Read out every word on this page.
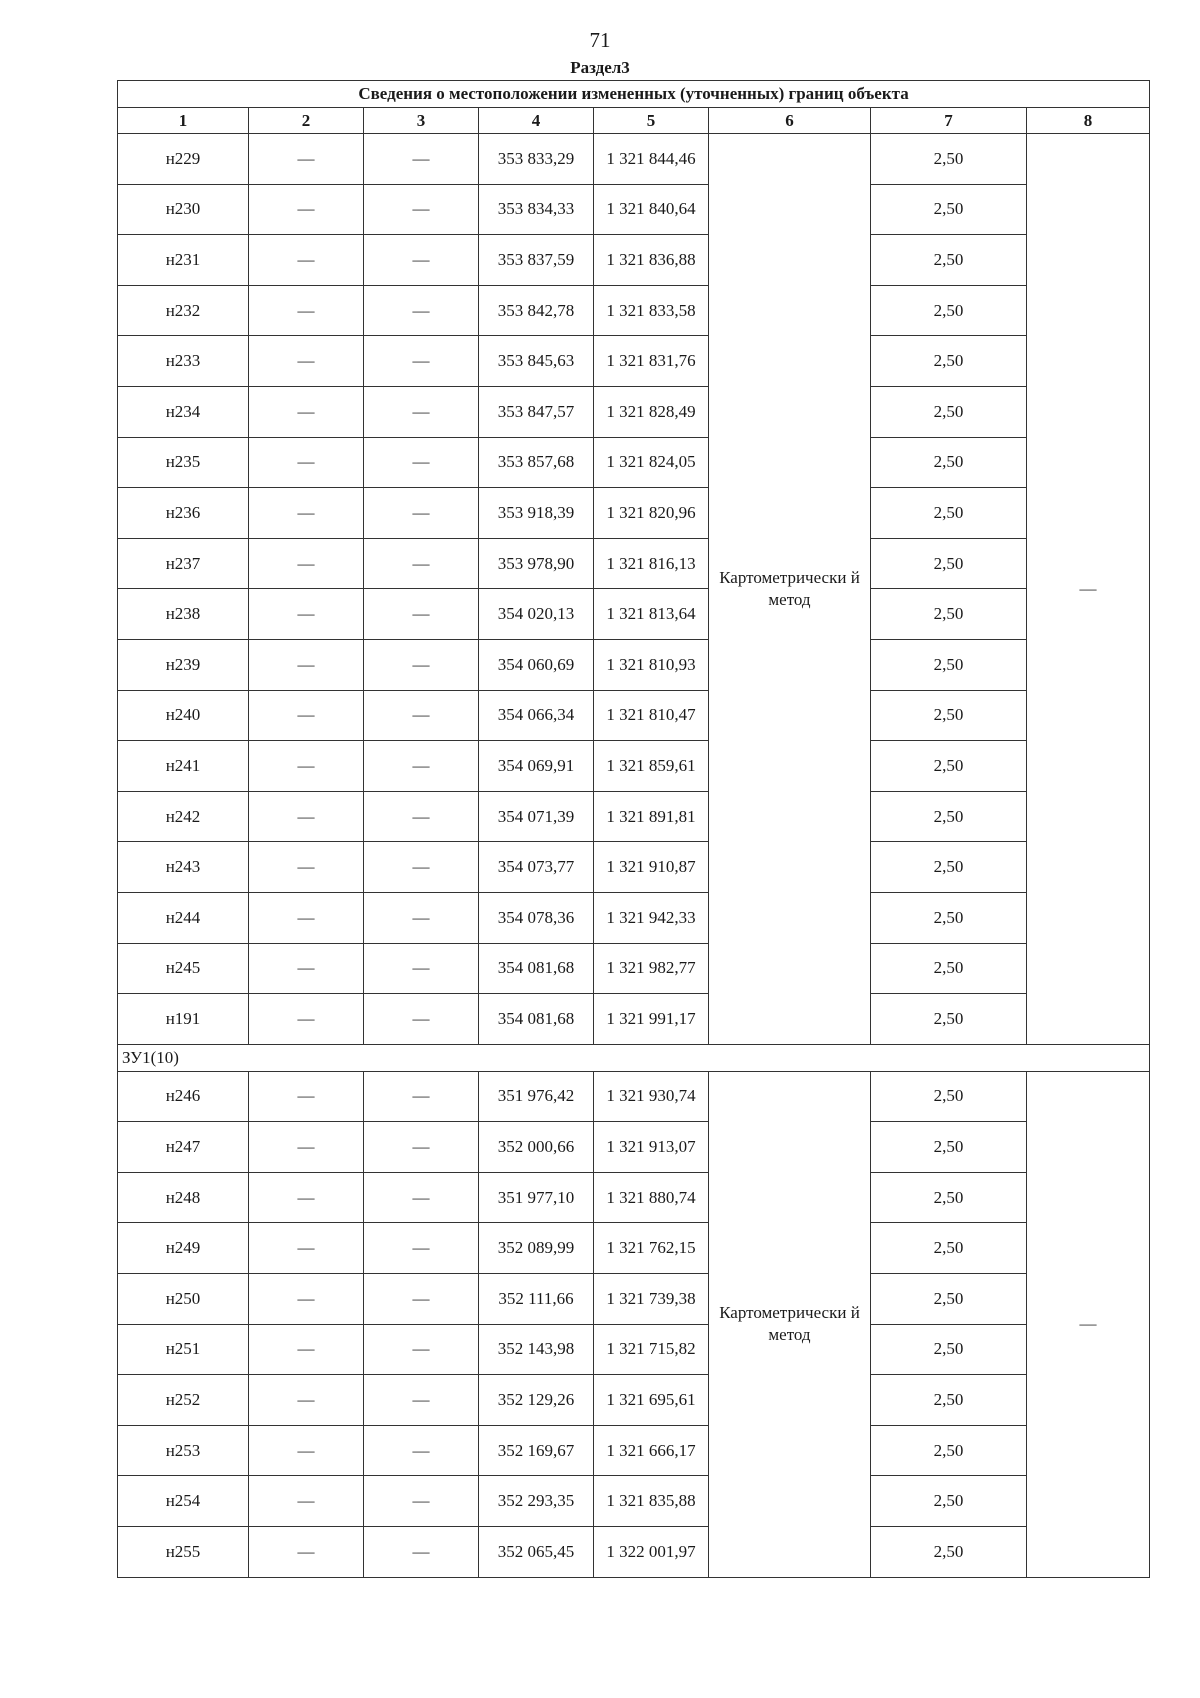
71
Раздел3
Сведения о местоположении измененных (уточненных) границ объекта							
1	2	3	4	5	6	7	8
н229	—	—	353 833,29	1 321 844,46	Картометрически й метод	2,50	—
н230	—	—	353 834,33	1 321 840,64		2,50	
н231	—	—	353 837,59	1 321 836,88		2,50	
н232	—	—	353 842,78	1 321 833,58		2,50	
н233	—	—	353 845,63	1 321 831,76		2,50	
н234	—	—	353 847,57	1 321 828,49		2,50	
н235	—	—	353 857,68	1 321 824,05		2,50	
н236	—	—	353 918,39	1 321 820,96		2,50	
н237	—	—	353 978,90	1 321 816,13		2,50	
н238	—	—	354 020,13	1 321 813,64		2,50	
н239	—	—	354 060,69	1 321 810,93		2,50	
н240	—	—	354 066,34	1 321 810,47		2,50	
н241	—	—	354 069,91	1 321 859,61		2,50	
н242	—	—	354 071,39	1 321 891,81		2,50	
н243	—	—	354 073,77	1 321 910,87		2,50	
н244	—	—	354 078,36	1 321 942,33		2,50	
н245	—	—	354 081,68	1 321 982,77		2,50	
н191	—	—	354 081,68	1 321 991,17		2,50	
ЗУ1(10)							
н246	—	—	351 976,42	1 321 930,74	Картометрически й метод	2,50	—
н247	—	—	352 000,66	1 321 913,07		2,50	
н248	—	—	351 977,10	1 321 880,74		2,50	
н249	—	—	352 089,99	1 321 762,15		2,50	
н250	—	—	352 111,66	1 321 739,38		2,50	
н251	—	—	352 143,98	1 321 715,82		2,50	
н252	—	—	352 129,26	1 321 695,61		2,50	
н253	—	—	352 169,67	1 321 666,17		2,50	
н254	—	—	352 293,35	1 321 835,88		2,50	
н255	—	—	352 065,45	1 322 001,97		2,50	
